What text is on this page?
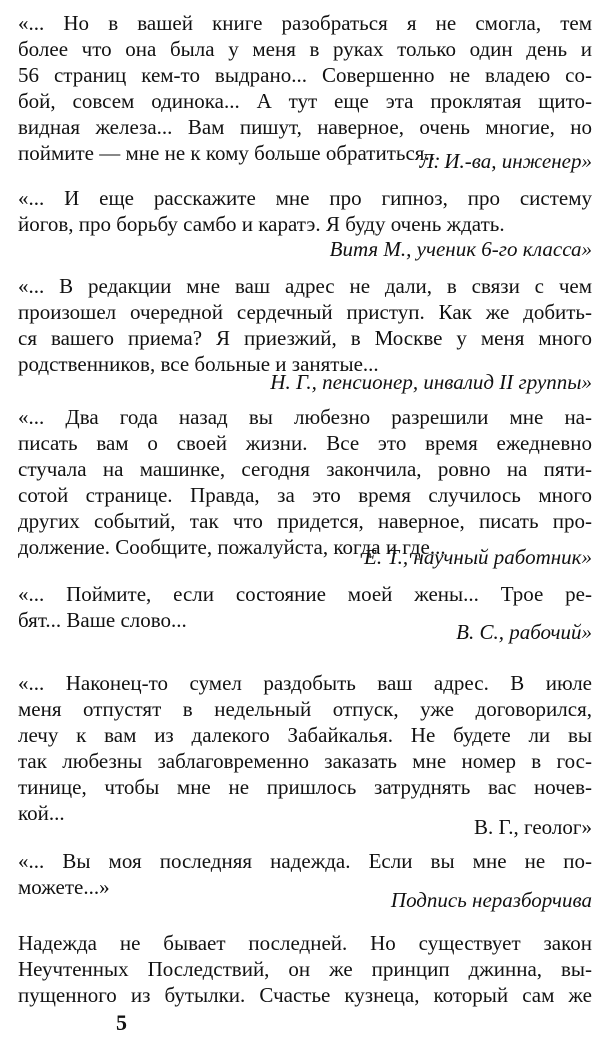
«... Но в вашей книге разобраться я не смогла, тем
более что она была у меня в руках только один день и
56 страниц кем-то выдрано... Совершенно не владею со-
бой, совсем одинока... А тут еще эта проклятая щито-
видная железа... Вам пишут, наверное, очень многие, но
поймите — мне не к кому больше обратиться...
Л. И.-ва, инженер»
«... И еще расскажите мне про гипноз, про систему
йогов, про борьбу самбо и каратэ. Я буду очень ждать.
Витя М., ученик 6-го класса»
«... В редакции мне ваш адрес не дали, в связи с чем
произошел очередной сердечный приступ. Как же добить-
ся вашего приема? Я приезжий, в Москве у меня много
родственников, все больные и занятые...
Н. Г., пенсионер, инвалид II группы»
«... Два года назад вы любезно разрешили мне на-
писать вам о своей жизни. Все это время ежедневно
стучала на машинке, сегодня закончила, ровно на пяти-
сотой странице. Правда, за это время случилось много
других событий, так что придется, наверное, писать про-
должение. Сообщите, пожалуйста, когда и где...
Е. Т., научный работник»
«... Поймите, если состояние моей жены... Трое ре-
бят... Ваше слово...	В. С., рабочий»
«... Наконец-то сумел раздобыть ваш адрес. В июле
меня отпустят в недельный отпуск, уже договорился,
лечу к вам из далекого Забайкалья. Не будете ли вы
так любезны заблаговременно заказать мне номер в гос-
тинице, чтобы мне не пришлось затруднять вас ночев-
кой...
В. Г., геолог»
«... Вы моя последняя надежда. Если вы мне не по-
можете...»
Подпись неразборчива
Надежда не бывает последней. Но существует закон
Неучтенных Последствий, он же принцип джинна, вы-
пущенного из бутылки. Счастье кузнеца, который сам же
5
